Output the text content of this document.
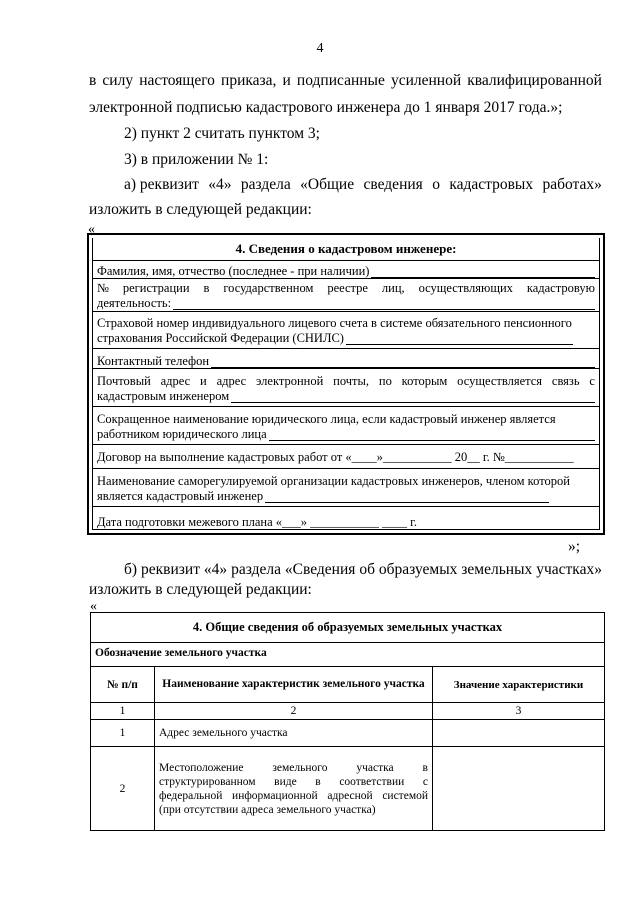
4
в силу настоящего приказа, и подписанные усиленной квалифицированной
электронной подписью кадастрового инженера до 1 января 2017 года.»;
2) пункт 2 считать пунктом 3;
3) в приложении № 1:
а) реквизит «4» раздела «Общие сведения о кадастровых работах»
изложить в следующей редакции:
«
4. Сведения о кадастровом инженере:
Фамилия, имя, отчество (последнее - при наличии)
№ регистрации в государственном реестре лиц, осуществляющих кадастровую
деятельность:
Страховой номер индивидуального лицевого счета в системе обязательного пенсионного
страхования Российской Федерации (СНИЛС)
Контактный телефон
Почтовый адрес и адрес электронной почты, по которым осуществляется связь с
кадастровым инженером
Сокращенное наименование юридического лица, если кадастровый инженер является
работником юридического лица
Договор на выполнение кадастровых работ от «____»___________ 20__ г. №___________
Наименование саморегулируемой организации кадастровых инженеров, членом которой
является кадастровый инженер
Дата подготовки межевого плана «___» ___________ ____ г.
»;
б) реквизит «4» раздела «Сведения об образуемых земельных участках»
изложить в следующей редакции:
«
4. Общие сведения об образуемых земельных участках		
Обозначение земельного участка		
№ п/п	Наименование характеристик земельного участка	Значение характеристики
1	2	3
1	Адрес земельного участка	
2	Местоположение земельного участка в структурированном виде в соответствии с федеральной информационной адресной системой (при отсутствии адреса земельного участка)	
